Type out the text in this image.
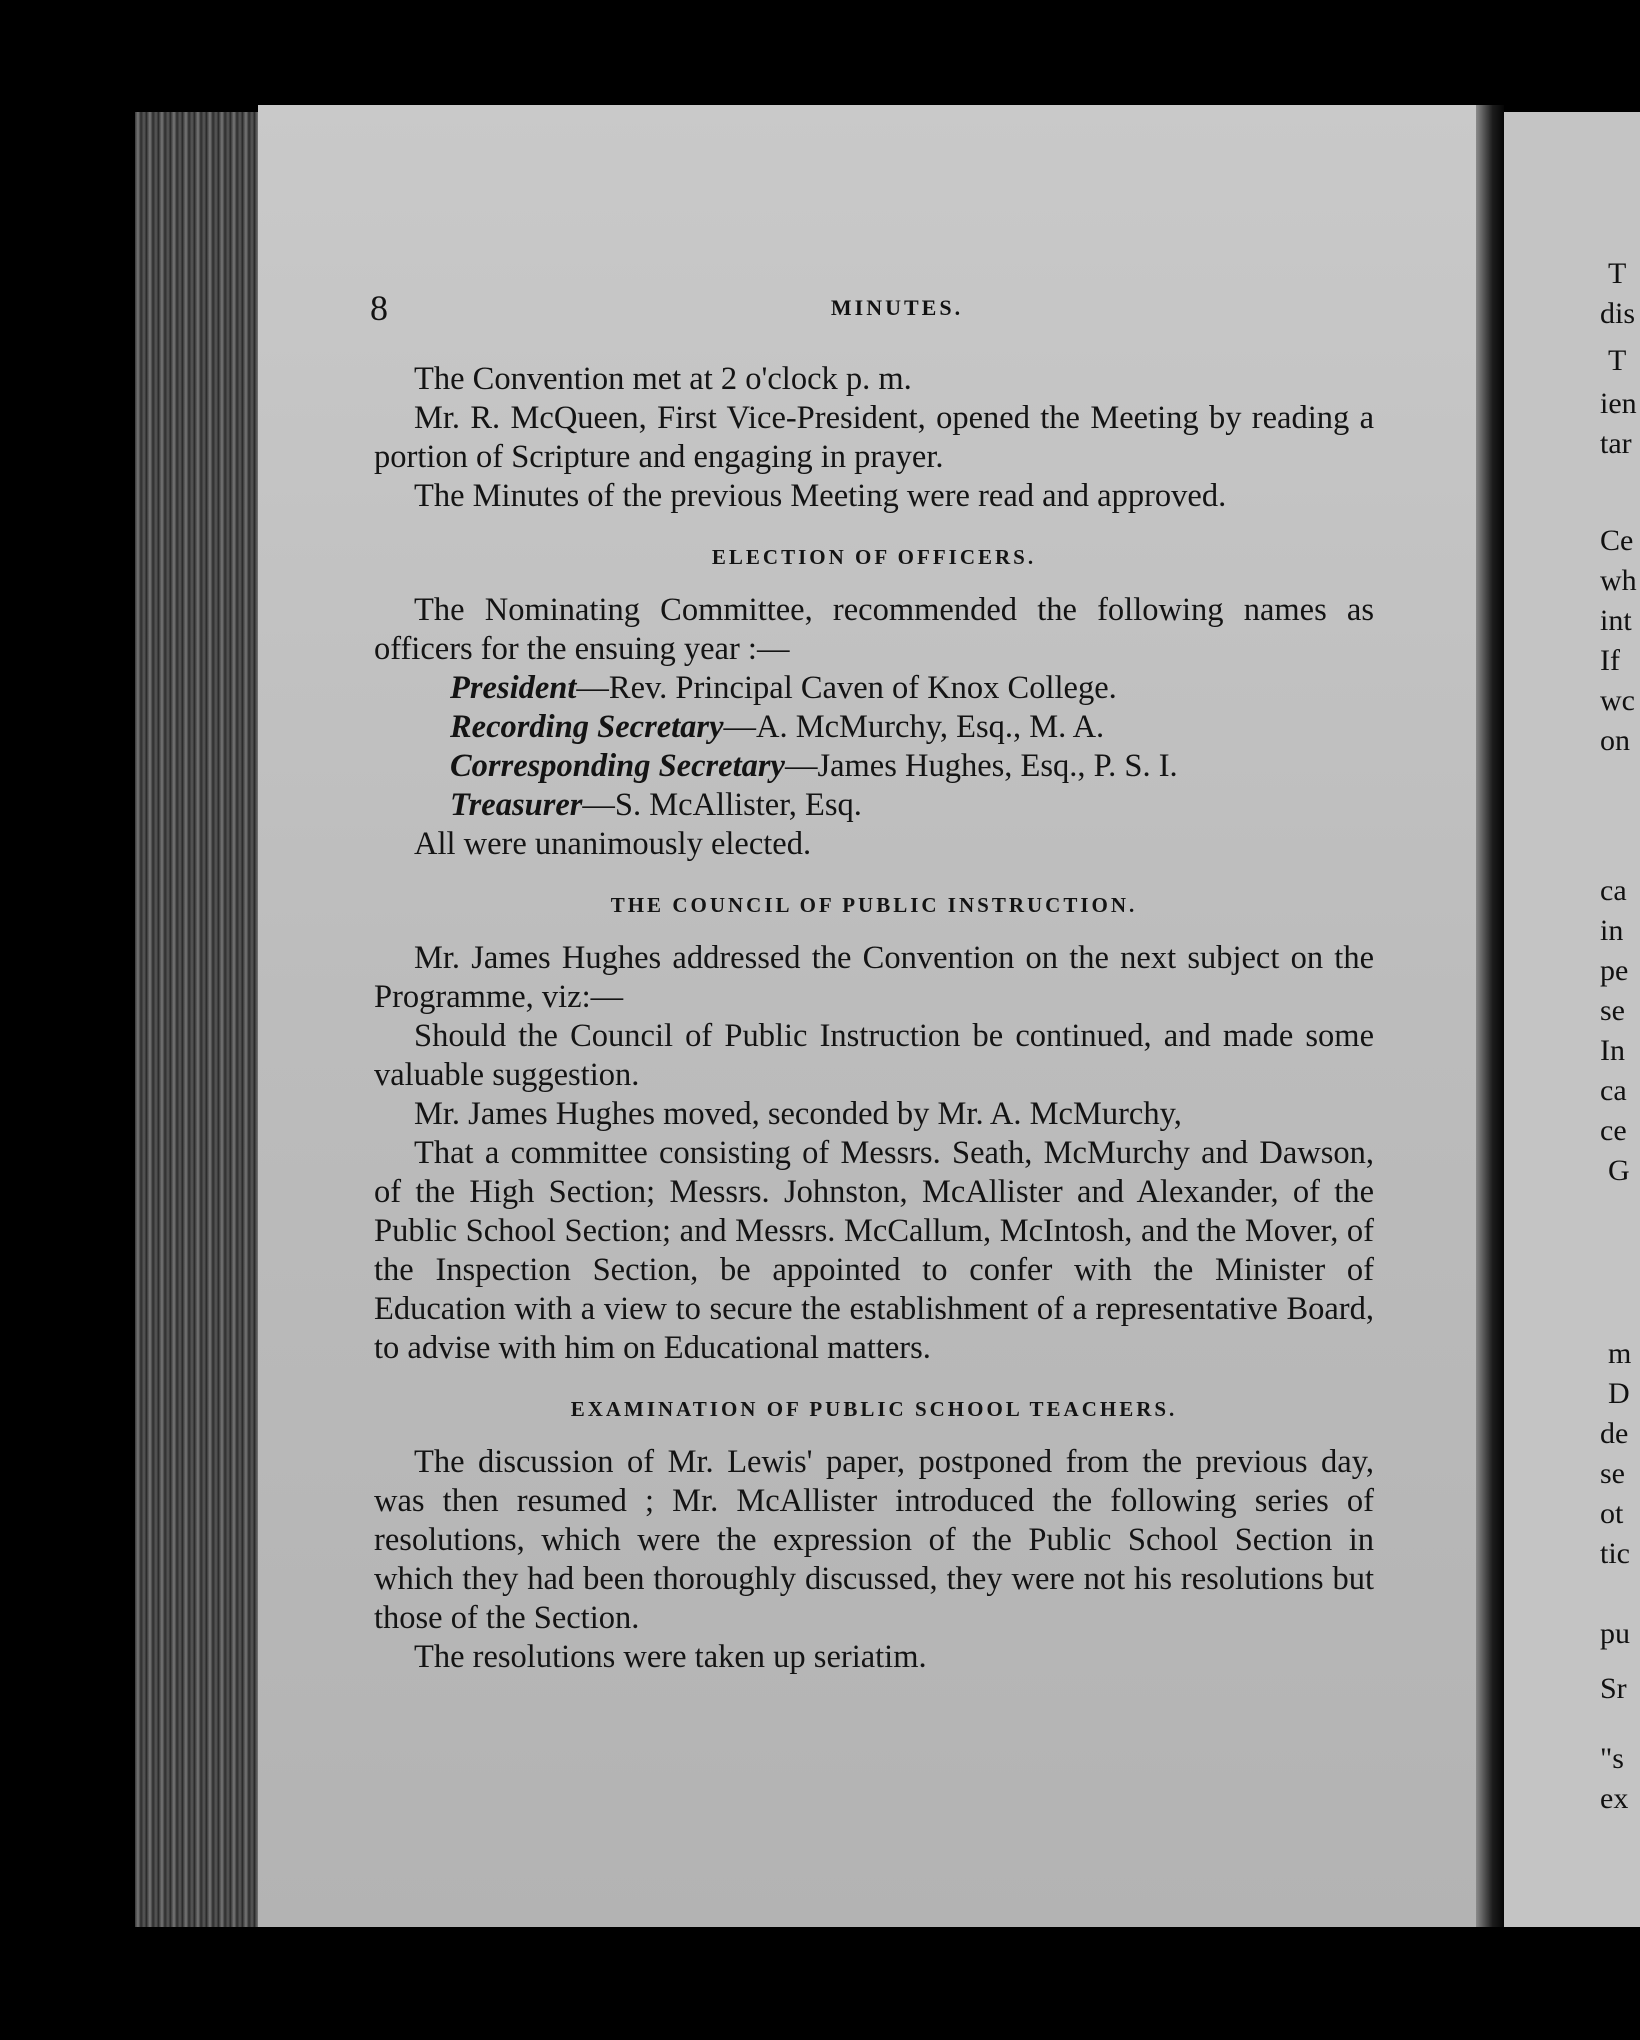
8	MINUTES.

The Convention met at 2 o'clock p. m.

Mr. R. McQueen, First Vice-President, opened the Meeting by reading a portion of Scripture and engaging in prayer.

The Minutes of the previous Meeting were read and approved.

ELECTION OF OFFICERS.

The Nominating Committee, recommended the following names as officers for the ensuing year :—

President—Rev. Principal Caven of Knox College.
Recording Secretary—A. McMurchy, Esq., M. A.
Corresponding Secretary—James Hughes, Esq., P. S. I.
Treasurer—S. McAllister, Esq.

All were unanimously elected.

THE COUNCIL OF PUBLIC INSTRUCTION.

Mr. James Hughes addressed the Convention on the next subject on the Programme, viz:—

Should the Council of Public Instruction be continued, and made some valuable suggestion.

Mr. James Hughes moved, seconded by Mr. A. McMurchy,

That a committee consisting of Messrs. Seath, McMurchy and Dawson, of the High Section; Messrs. Johnston, McAllister and Alexander, of the Public School Section; and Messrs. McCallum, McIntosh, and the Mover, of the Inspection Section, be appointed to confer with the Minister of Education with a view to secure the establishment of a representative Board, to advise with him on Educational matters.

EXAMINATION OF PUBLIC SCHOOL TEACHERS.

The discussion of Mr. Lewis' paper, postponed from the previous day, was then resumed ; Mr. McAllister introduced the following series of resolutions, which were the expression of the Public School Section in which they had been thoroughly discussed, they were not his resolutions but those of the Section.

The resolutions were taken up seriatim.

T
dis
T
ien
tar
Ce
wh
int
If
wc
on
ca
in
pe
se
In
ca
ce
G
m
D
de
se
ot
tic
pu
Sr
"s
ex
